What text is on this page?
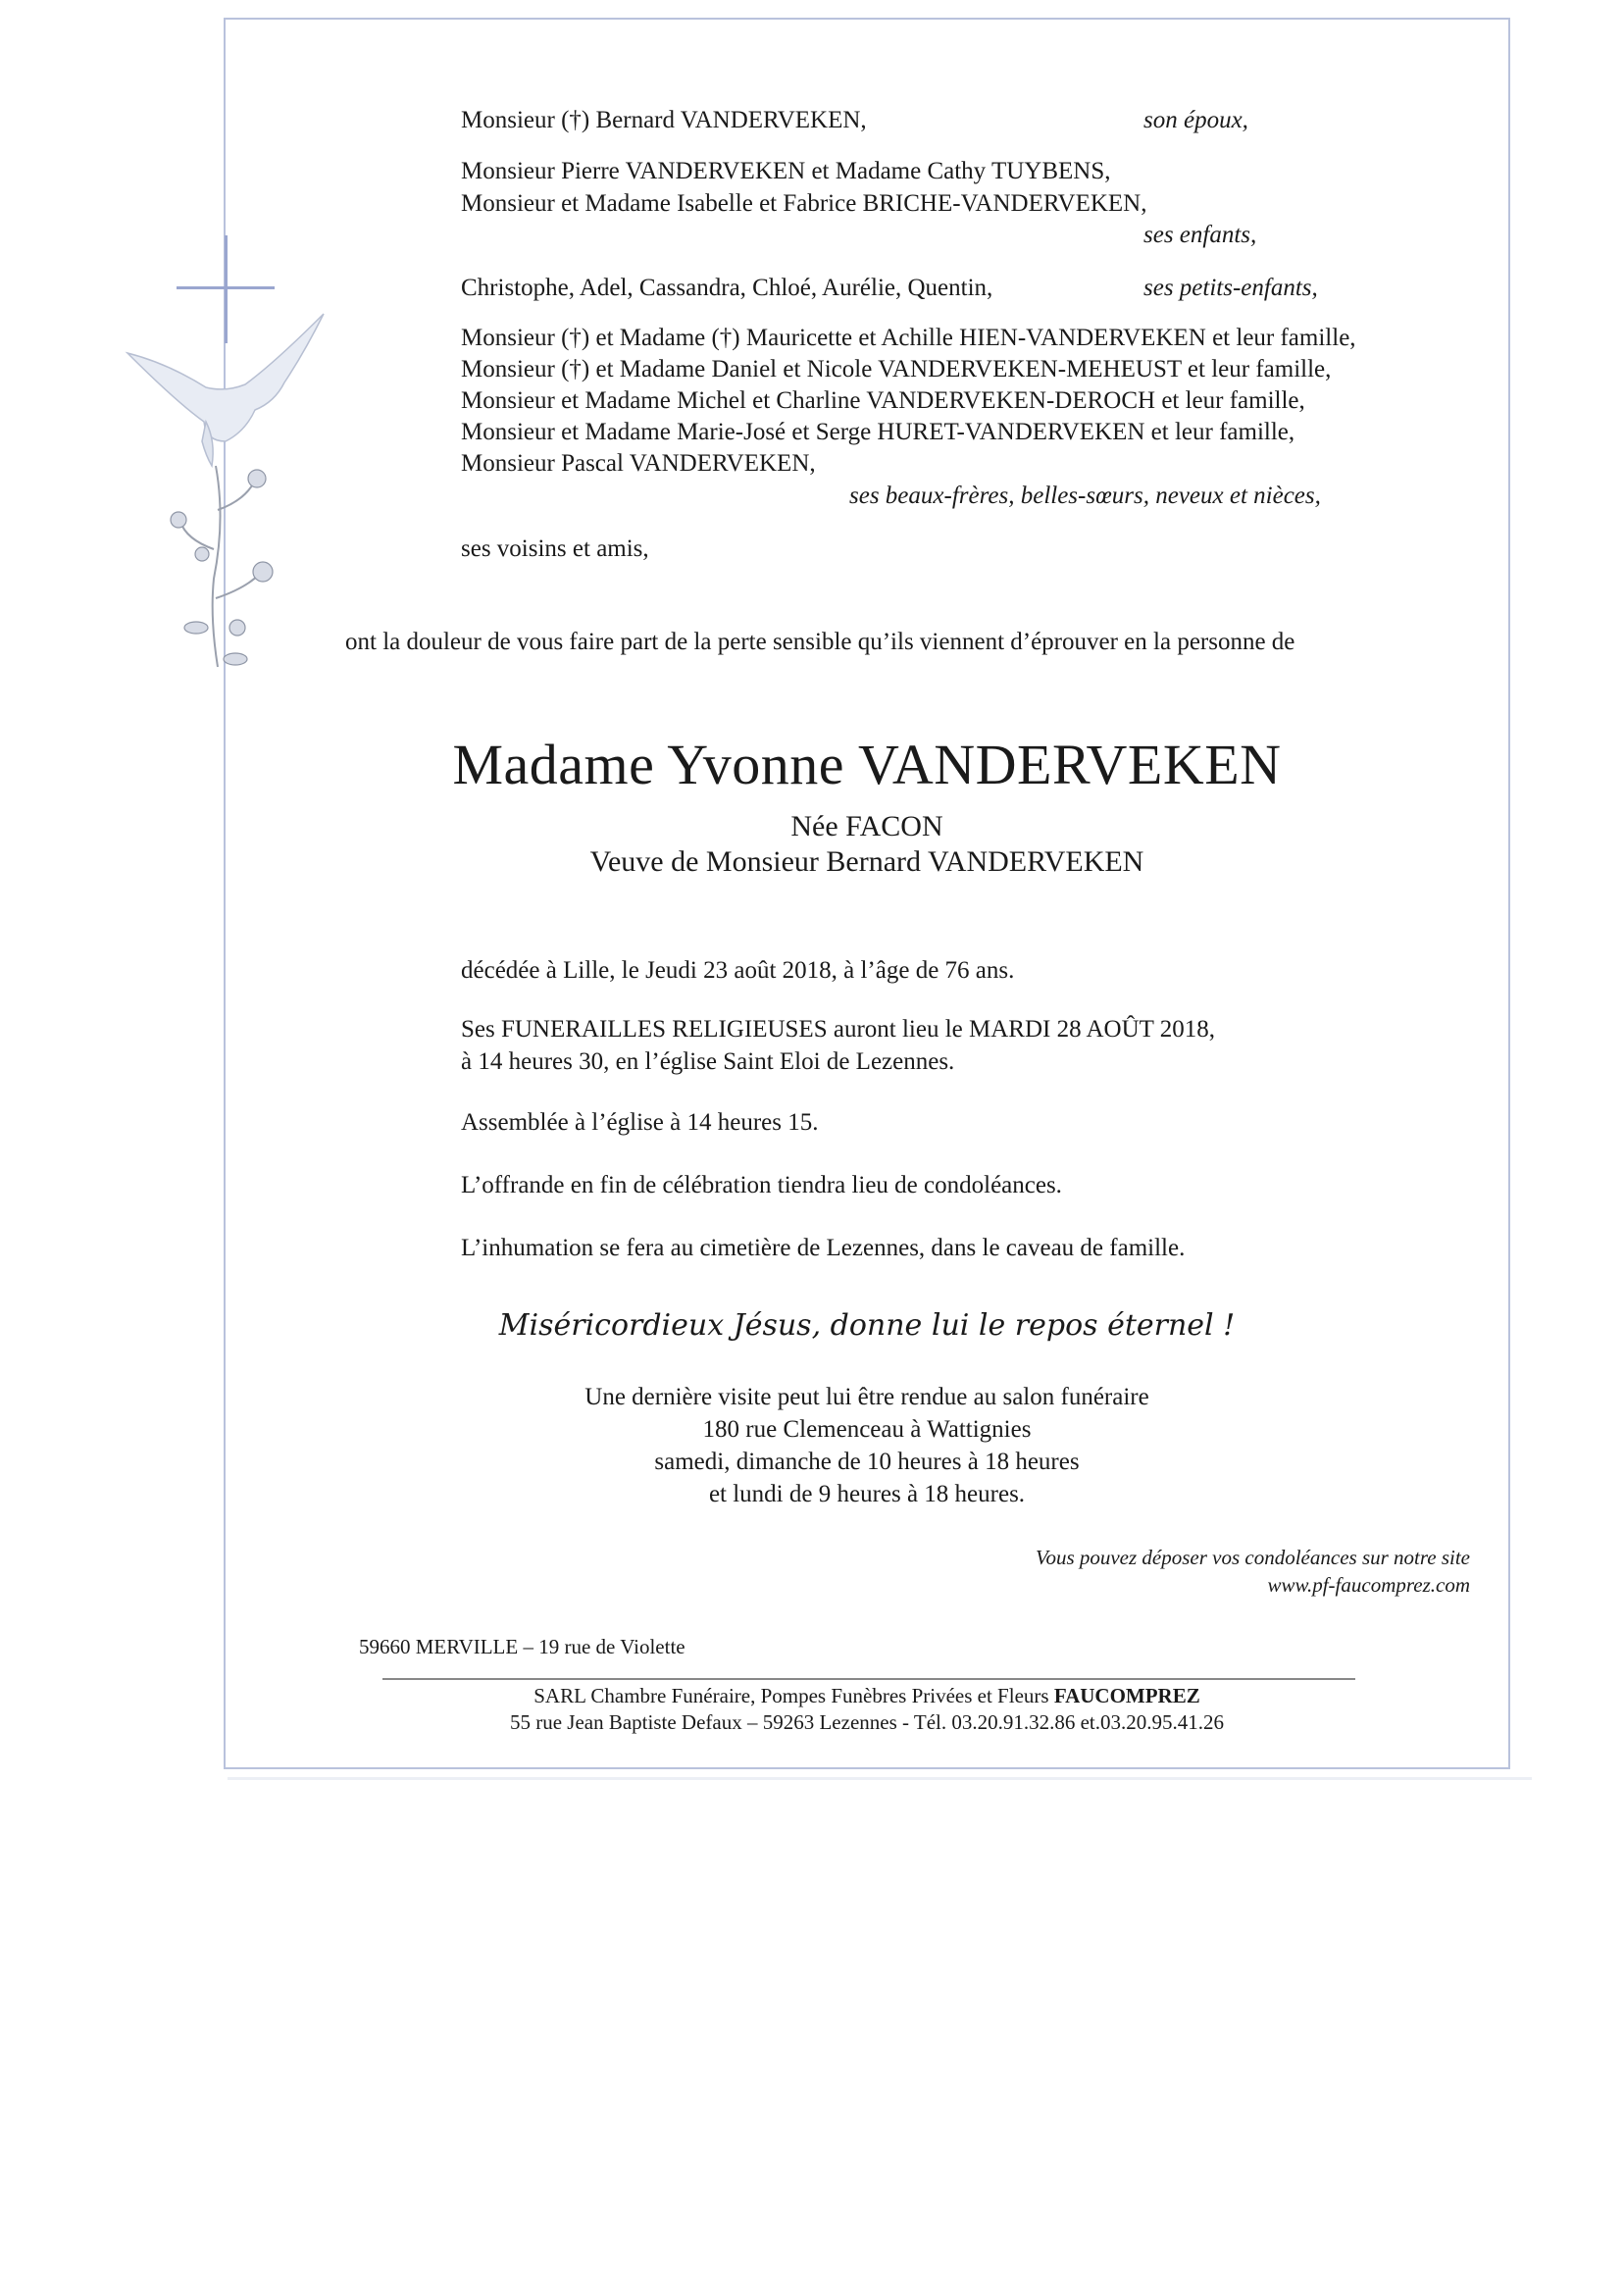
Monsieur (†) Bernard VANDERVEKEN,	son époux,
Monsieur Pierre VANDERVEKEN et Madame Cathy TUYBENS,
Monsieur et Madame Isabelle et Fabrice BRICHE-VANDERVEKEN,
ses enfants,
Christophe, Adel, Cassandra, Chloé, Aurélie, Quentin,	ses petits-enfants,
Monsieur (†) et Madame (†) Mauricette et Achille HIEN-VANDERVEKEN et leur famille,
Monsieur (†) et Madame Daniel et Nicole VANDERVEKEN-MEHEUST et leur famille,
Monsieur et Madame Michel et Charline VANDERVEKEN-DEROCH et leur famille,
Monsieur et Madame Marie-José et Serge HURET-VANDERVEKEN et leur famille,
Monsieur Pascal VANDERVEKEN,
ses beaux-frères, belles-sœurs, neveux et nièces,
ses voisins et amis,
ont la douleur de vous faire part de la perte sensible qu’ils viennent d’éprouver en la personne de
Madame Yvonne VANDERVEKEN
Née FACON
Veuve de Monsieur Bernard VANDERVEKEN
décédée à Lille, le Jeudi 23 août 2018, à l’âge de 76 ans.
Ses FUNERAILLES RELIGIEUSES auront lieu le MARDI 28 AOÛT 2018,
à 14 heures 30, en l’église Saint Eloi de Lezennes.
Assemblée à l’église à 14 heures 15.
L’offrande en fin de célébration tiendra lieu de condoléances.
L’inhumation se fera au cimetière de Lezennes, dans le caveau de famille.
Miséricordieux Jésus, donne lui le repos éternel !
Une dernière visite peut lui être rendue au salon funéraire
180 rue Clemenceau à Wattignies
samedi, dimanche de 10 heures à 18 heures
et lundi de 9 heures à 18 heures.
Vous pouvez déposer vos condoléances sur notre site
www.pf-faucomprez.com
59660 MERVILLE – 19 rue de Violette
SARL Chambre Funéraire, Pompes Funèbres Privées et Fleurs FAUCOMPREZ
55 rue Jean Baptiste Defaux – 59263 Lezennes - Tél. 03.20.91.32.86 et.03.20.95.41.26
